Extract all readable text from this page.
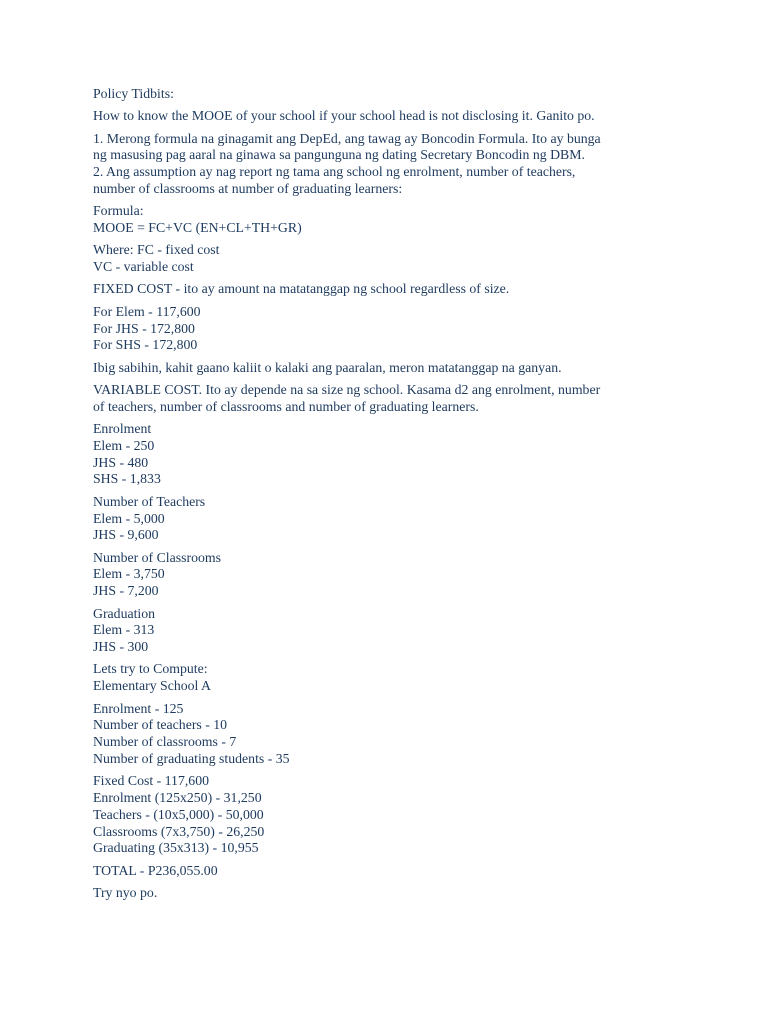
Policy Tidbits:
How to know the MOOE of your school if your school head is not disclosing it. Ganito po.
1. Merong formula na ginagamit ang DepEd, ang tawag ay Boncodin Formula. Ito ay bunga
ng masusing pag aaral na ginawa sa pangunguna ng dating Secretary Boncodin ng DBM.
2. Ang assumption ay nag report ng tama ang school ng enrolment, number of teachers,
number of classrooms at number of graduating learners:
Formula:
MOOE = FC+VC (EN+CL+TH+GR)
Where: FC - fixed cost
VC - variable cost
FIXED COST - ito ay amount na matatanggap ng school regardless of size.
For Elem - 117,600
For JHS - 172,800
For SHS - 172,800
Ibig sabihin, kahit gaano kaliit o kalaki ang paaralan, meron matatanggap na ganyan.
VARIABLE COST. Ito ay depende na sa size ng school. Kasama d2 ang enrolment, number
of teachers, number of classrooms and number of graduating learners.
Enrolment
Elem - 250
JHS - 480
SHS - 1,833
Number of Teachers
Elem - 5,000
JHS - 9,600
Number of Classrooms
Elem - 3,750
JHS - 7,200
Graduation
Elem - 313
JHS - 300
Lets try to Compute:
Elementary School A
Enrolment - 125
Number of teachers - 10
Number of classrooms - 7
Number of graduating students - 35
Fixed Cost - 117,600
Enrolment (125x250) - 31,250
Teachers - (10x5,000) - 50,000
Classrooms (7x3,750) - 26,250
Graduating (35x313) - 10,955
TOTAL - P236,055.00
Try nyo po.
